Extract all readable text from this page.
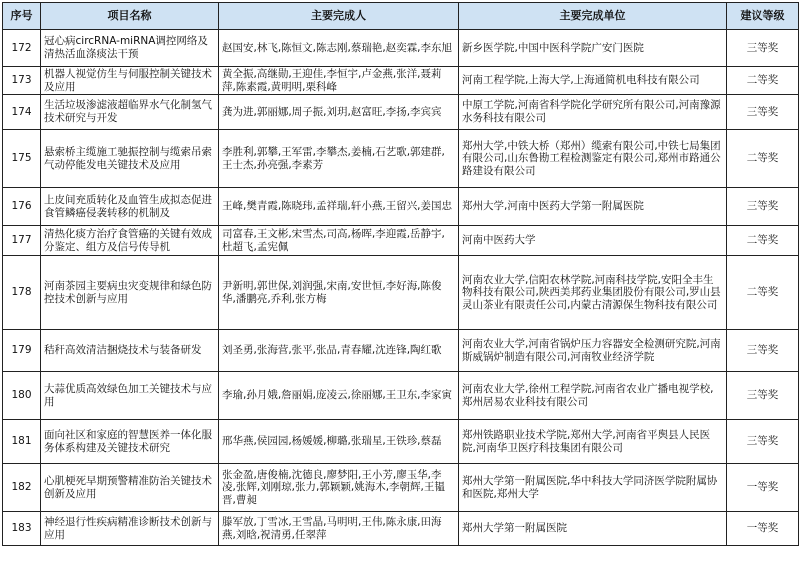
序号	项目名称	主要完成人	主要完成单位	建议等级
172	冠心病circRNA-miRNA调控网络及清热活血涤痰法干预	赵国安,林飞,陈恒文,陈志刚,蔡瑞艳,赵奕霖,李东旭	新乡医学院,中国中医科学院广安门医院	三等奖
173	机器人视觉仿生与伺服控制关键技术及应用	黄全振,高继勋,王迎佳,李恒宇,卢金燕,张洋,聂莉萍,陈素霞,黄明明,栗科峰	河南工程学院,上海大学,上海通简机电科技有限公司	二等奖
174	生活垃圾渗滤液超临界水气化制氢气技术研究与开发	龚为进,郭丽娜,周子振,刘玥,赵富旺,李扬,李宾宾	中原工学院,河南省科学院化学研究所有限公司,河南豫源水务科技有限公司	三等奖
175	悬索桥主缆施工驰振控制与缆索吊索气动停能发电关键技术及应用	李胜利,郭攀,王军雷,李攀杰,姜楠,石艺歌,郭建群,王士杰,孙亮强,李素芳	郑州大学,中铁大桥（郑州）缆索有限公司,中铁七局集团有限公司,山东鲁勘工程检测鉴定有限公司,郑州市路通公路建设有限公司	二等奖
176	上皮间充质转化及血管生成拟态促进食管鳞癌侵袭转移的机制及	王峰,樊青霞,陈晓玮,孟祥瑞,轩小燕,王留兴,姜国忠	郑州大学,河南中医药大学第一附属医院	三等奖
177	清热化痰方治疗食管癌的关键有效成分鉴定、组方及信号传导机	司富春,王文彬,宋雪杰,司高,杨晖,李迎霞,岳静宇,杜超飞,孟宪佩	河南中医药大学	二等奖
178	河南茶园主要病虫灾变规律和绿色防控技术创新与应用	尹新明,郭世保,刘润强,宋南,安世恒,李好海,陈俊华,潘鹏亮,乔利,张方梅	河南农业大学,信阳农林学院,河南科技学院,安阳全丰生物科技有限公司,陕西美邦药业集团股份有限公司,罗山县灵山茶业有限责任公司,内蒙古清源保生物科技有限公司	二等奖
179	秸秆高效清洁捆烧技术与装备研发	刘圣勇,张海营,张平,张品,青春耀,沈连锋,陶红歌	河南农业大学,河南省锅炉压力容器安全检测研究院,河南斯威锅炉制造有限公司,河南牧业经济学院	三等奖
180	大蒜优质高效绿色加工关键技术与应用	李瑜,孙月娥,詹丽娟,庞凌云,徐丽娜,王卫东,李家寅	河南农业大学,徐州工程学院,河南省农业广播电视学校,郑州居易农业科技有限公司	三等奖
181	面向社区和家庭的智慧医养一体化服务体系构建及关键技术研究	邢华燕,侯园园,杨媛媛,柳璐,张瑞星,王铁珍,蔡磊	郑州铁路职业技术学院,郑州大学,河南省平舆县人民医院,河南华卫医疗科技集团有限公司	三等奖
182	心肌梗死早期预警精准防治关键技术创新及应用	张金盈,唐俊楠,沈德良,廖梦阳,王小芳,廖玉华,李凌,张辉,刘刚琼,张力,郭颖颖,姚海木,李朝辉,王韫晋,曹昶	郑州大学第一附属医院,华中科技大学同济医学院附属协和医院,郑州大学	一等奖
183	神经退行性疾病精准诊断技术创新与应用	滕军放,丁雪冰,王雪晶,马明明,王伟,陈永康,田海燕,刘晗,祝清勇,任翠萍	郑州大学第一附属医院	一等奖
